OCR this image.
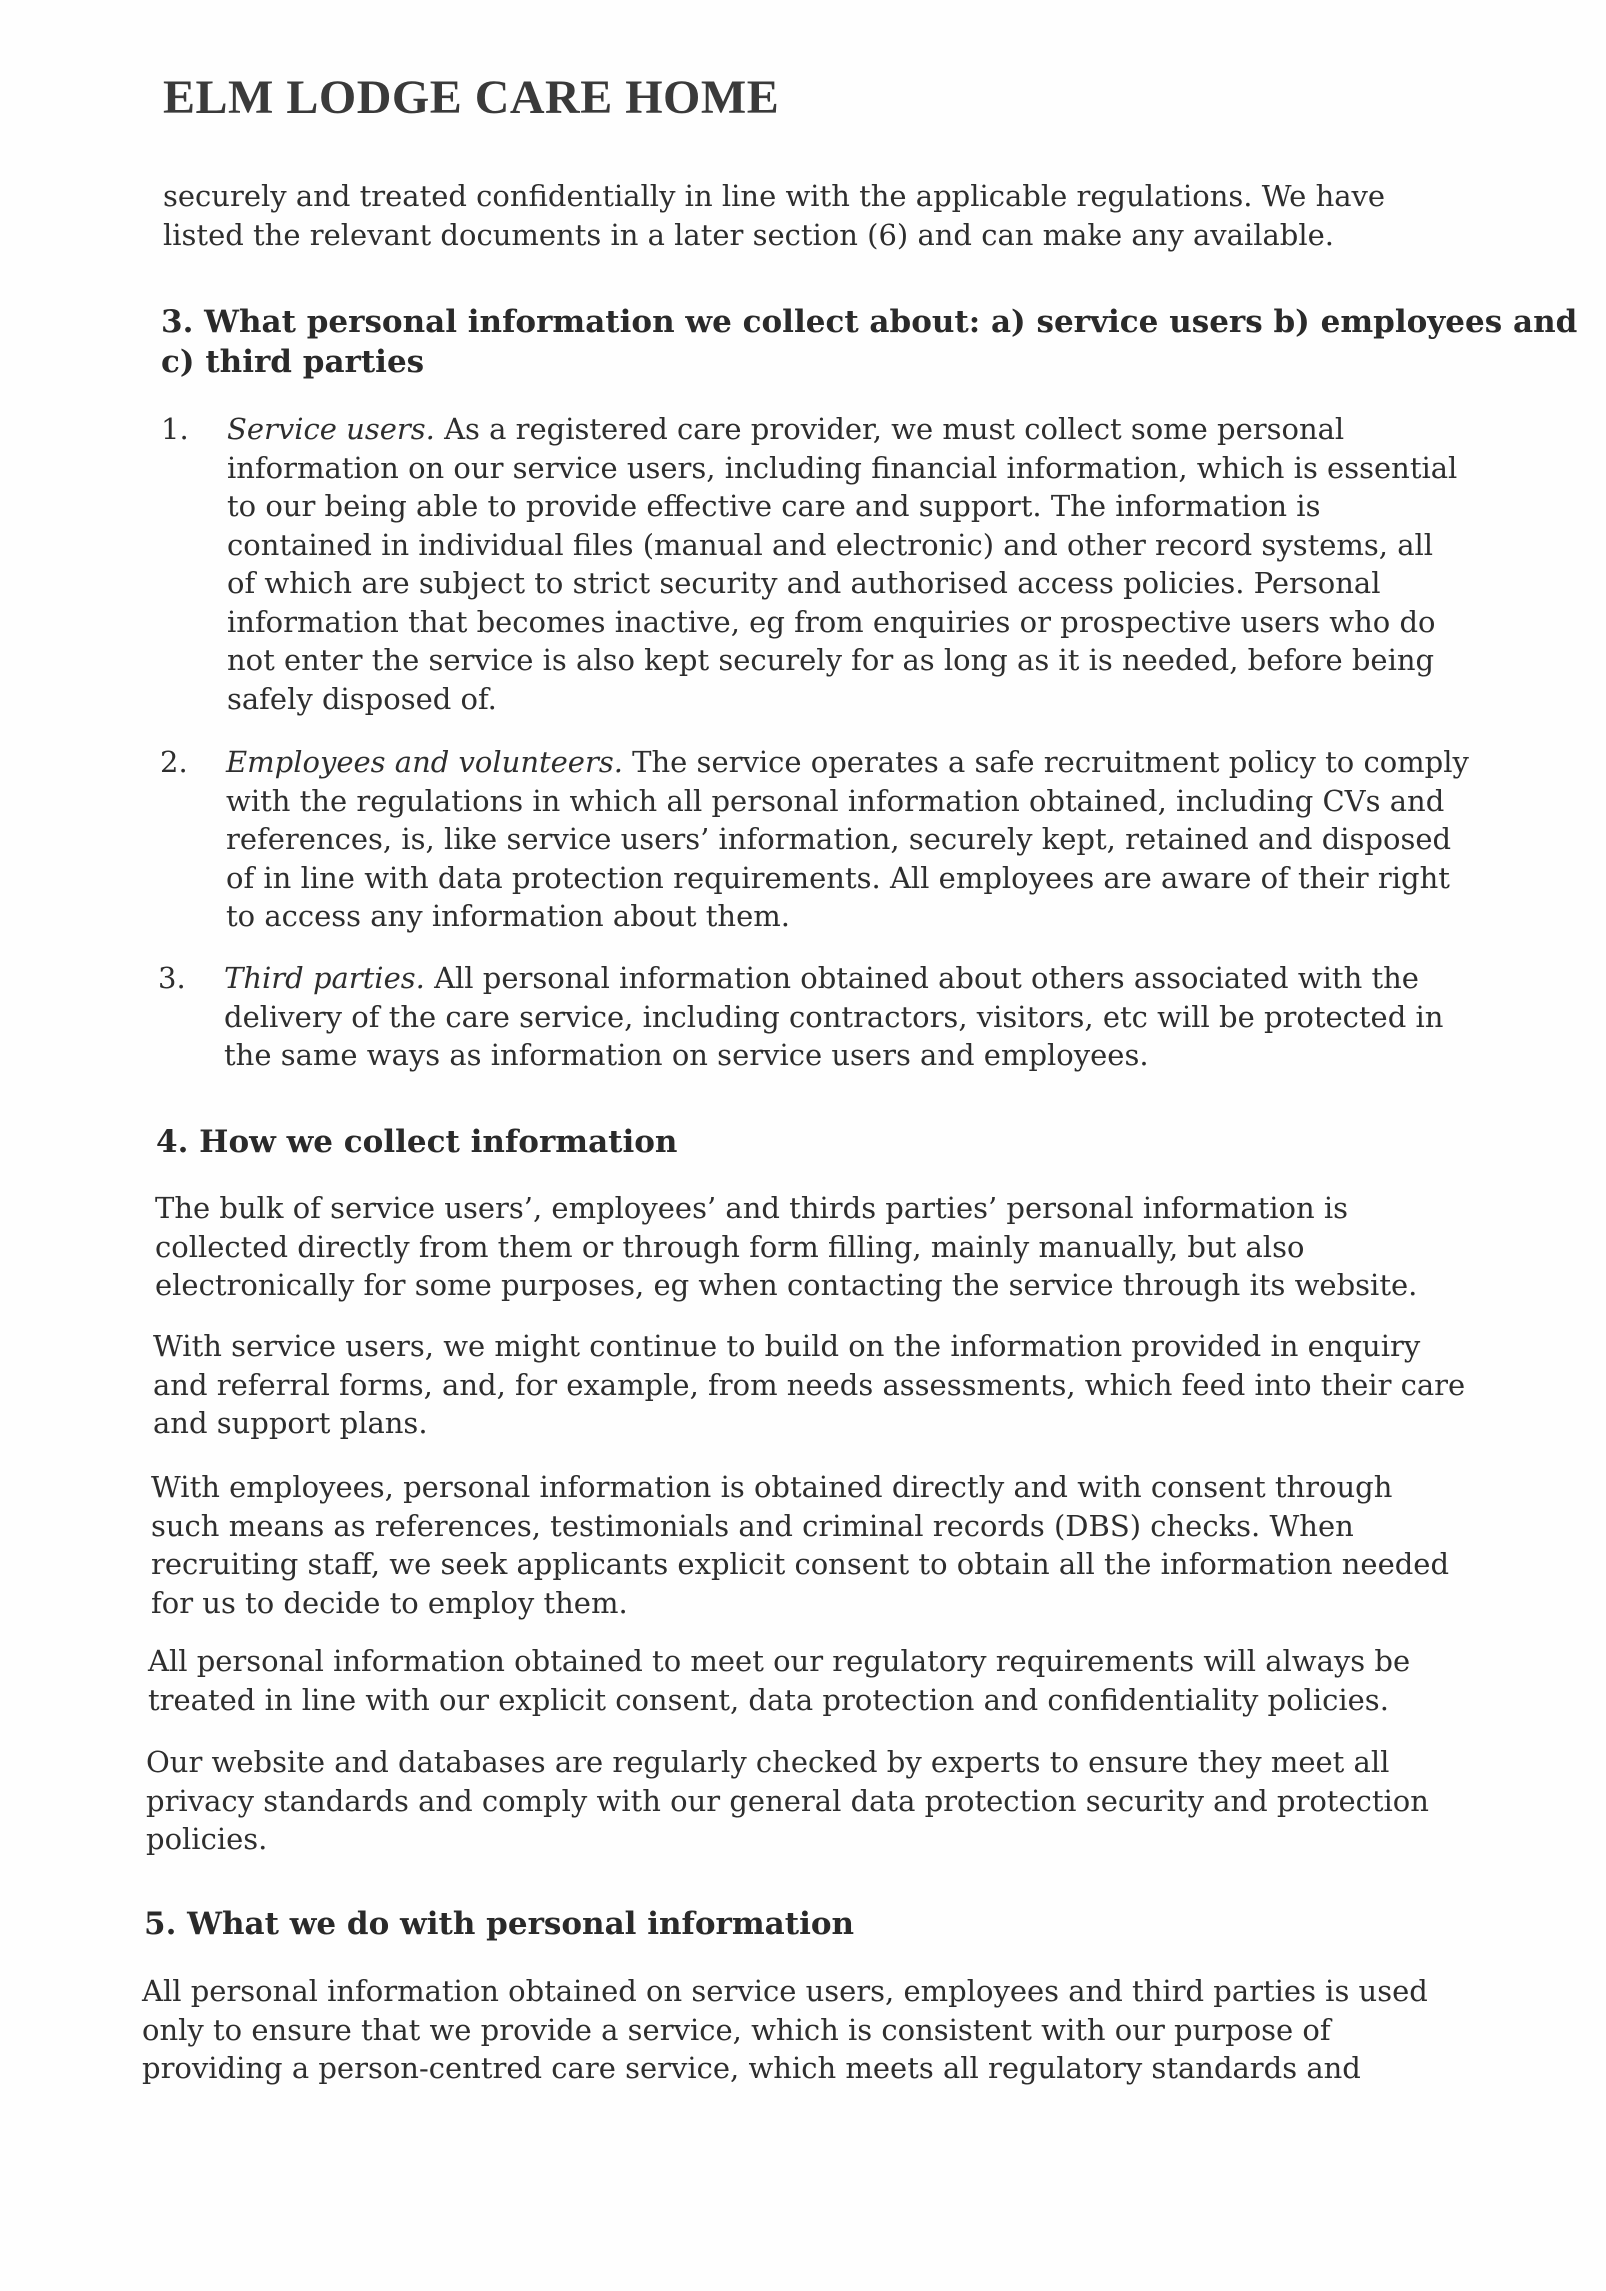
ELM LODGE CARE HOME

securely and treated confidentially in line with the applicable regulations. We have
listed the relevant documents in a later section (6) and can make any available.

3. What personal information we collect about: a) service users b) employees and
c) third parties
1. Service users. As a registered care provider, we must collect some personal
information on our service users, including financial information, which is essential
to our being able to provide effective care and support. The information is
contained in individual files (manual and electronic) and other record systems, all
of which are subject to strict security and authorised access policies. Personal
information that becomes inactive, eg from enquiries or prospective users who do
not enter the service is also kept securely for as long as it is needed, before being
safely disposed of.
2. Employees and volunteers. The service operates a safe recruitment policy to comply
with the regulations in which all personal information obtained, including CVs and
references, is, like service users’ information, securely kept, retained and disposed
of in line with data protection requirements. All employees are aware of their right
to access any information about them.
3. Third parties. All personal information obtained about others associated with the
delivery of the care service, including contractors, visitors, etc will be protected in
the same ways as information on service users and employees.
4. How we collect information

The bulk of service users’, employees’ and thirds parties’ personal information is
collected directly from them or through form filling, mainly manually, but also
electronically for some purposes, eg when contacting the service through its website.

With service users, we might continue to build on the information provided in enquiry
and referral forms, and, for example, from needs assessments, which feed into their care
and support plans.

With employees, personal information is obtained directly and with consent through
such means as references, testimonials and criminal records (DBS) checks. When
recruiting staff, we seek applicants explicit consent to obtain all the information needed
for us to decide to employ them.

All personal information obtained to meet our regulatory requirements will always be
treated in line with our explicit consent, data protection and confidentiality policies.

Our website and databases are regularly checked by experts to ensure they meet all
privacy standards and comply with our general data protection security and protection
policies.

5. What we do with personal information

All personal information obtained on service users, employees and third parties is used
only to ensure that we provide a service, which is consistent with our purpose of
providing a person-centred care service, which meets all regulatory standards and
